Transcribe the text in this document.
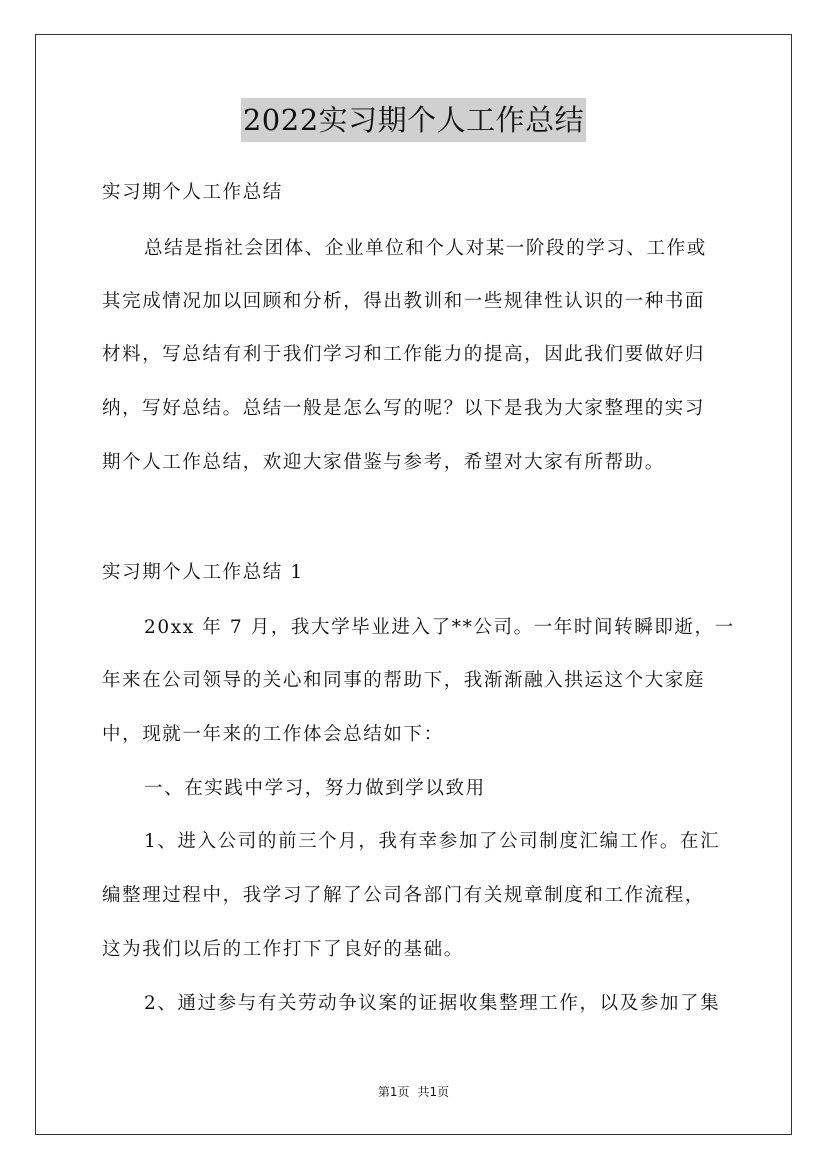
2022实习期个人工作总结
实习期个人工作总结
总结是指社会团体、企业单位和个人对某一阶段的学习、工作或
其完成情况加以回顾和分析，得出教训和一些规律性认识的一种书面
材料，写总结有利于我们学习和工作能力的提高，因此我们要做好归
纳，写好总结。总结一般是怎么写的呢？以下是我为大家整理的实习
期个人工作总结，欢迎大家借鉴与参考，希望对大家有所帮助。
实习期个人工作总结 1
20xx 年 7 月，我大学毕业进入了**公司。一年时间转瞬即逝，一
年来在公司领导的关心和同事的帮助下，我渐渐融入拱运这个大家庭
中，现就一年来的工作体会总结如下：
一、在实践中学习，努力做到学以致用
1、进入公司的前三个月，我有幸参加了公司制度汇编工作。在汇
编整理过程中，我学习了解了公司各部门有关规章制度和工作流程，
这为我们以后的工作打下了良好的基础。
2、通过参与有关劳动争议案的证据收集整理工作，以及参加了集
第1页 共1页
